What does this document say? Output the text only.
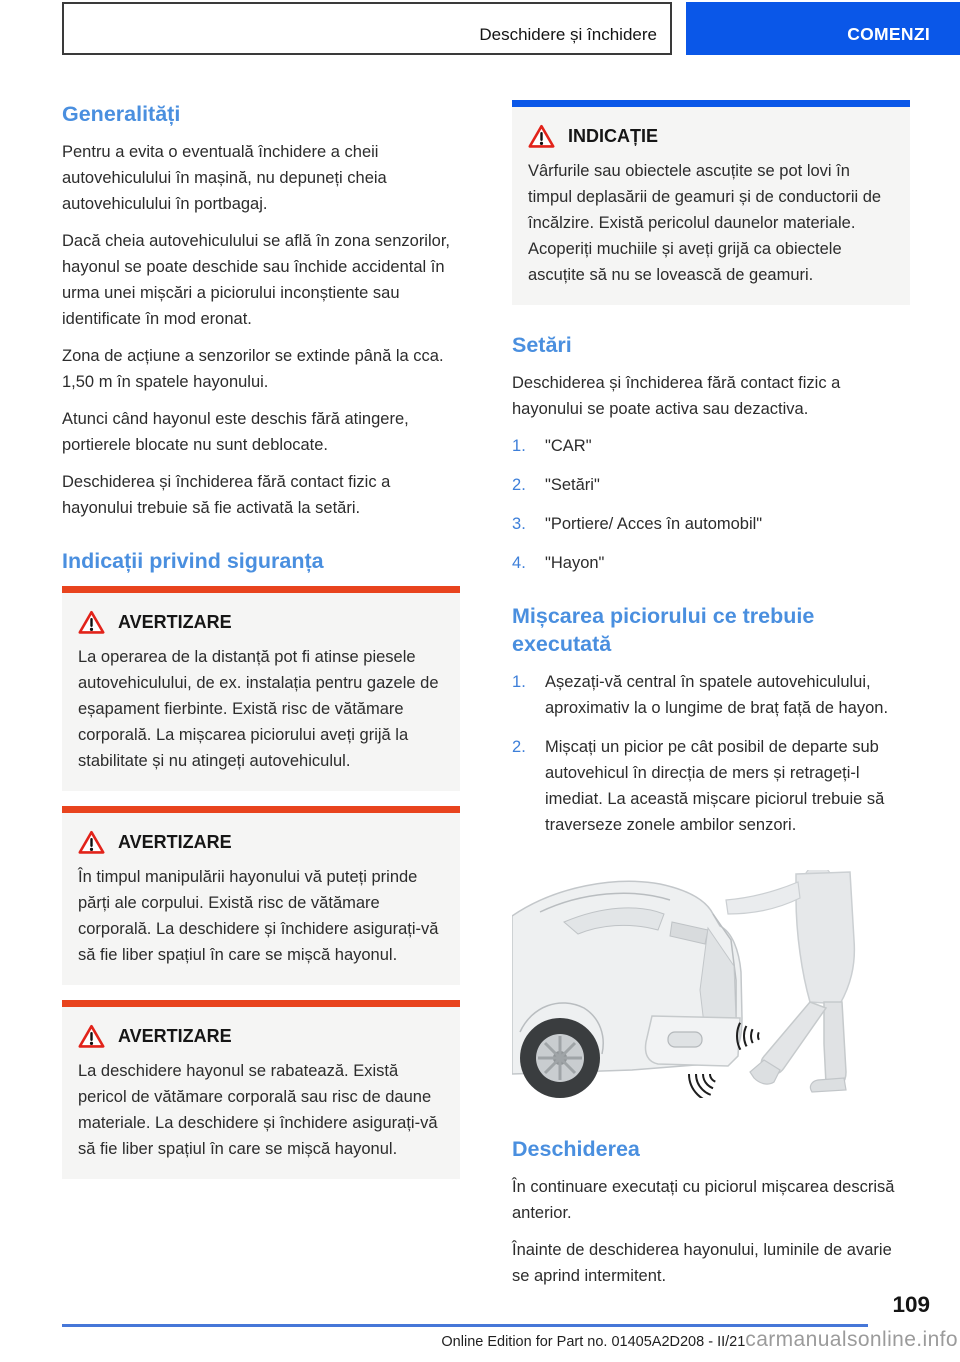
Deschidere și închidere	COMENZI
Generalități

Pentru a evita o eventuală închidere a cheii autovehiculului în mașină, nu depuneți cheia autovehiculului în portbagaj.

Dacă cheia autovehiculului se află în zona senzorilor, hayonul se poate deschide sau închide accidental în urma unei mișcări a piciorului inconștiente sau identificate în mod eronat.

Zona de acțiune a senzorilor se extinde până la cca. 1,50 m în spatele hayonului.

Atunci când hayonul este deschis fără atingere, portierele blocate nu sunt deblocate.

Deschiderea și închiderea fără contact fizic a hayonului trebuie să fie activată la setări.

Indicații privind siguranța
AVERTIZARE
La operarea de la distanță pot fi atinse piesele autovehiculului, de ex. instalația pentru gazele de eșapament fierbinte. Există risc de vătămare corporală. La mișcarea piciorului aveți grijă la stabilitate și nu atingeți autovehiculul.
AVERTIZARE
În timpul manipulării hayonului vă puteți prinde părți ale corpului. Există risc de vătămare corporală. La deschidere și închidere asigurați-vă să fie liber spațiul în care se mișcă hayonul.
AVERTIZARE
La deschidere hayonul se rabatează. Există pericol de vătămare corporală sau risc de daune materiale. La deschidere și închidere asigurați-vă să fie liber spațiul în care se mișcă hayonul.
INDICAȚIE
Vârfurile sau obiectele ascuțite se pot lovi în timpul deplasării de geamuri și de conductorii de încălzire. Există pericolul daunelor materiale. Acoperiți muchiile și aveți grijă ca obiectele ascuțite să nu se lovească de geamuri.
Setări

Deschiderea și închiderea fără contact fizic a hayonului se poate activa sau dezactiva.

"CAR"
"Setări"
"Portiere/ Acces în automobil"
"Hayon"
Mișcarea piciorului ce trebuie executată
Așezați-vă central în spatele autovehiculului, aproximativ la o lungime de braț față de hayon.
Mișcați un picior pe cât posibil de departe sub autovehicul în direcția de mers și retrageți-l imediat. La această mișcare piciorul trebuie să traverseze zonele ambilor senzori.
Deschiderea

În continuare executați cu piciorul mișcarea descrisă anterior.

Înainte de deschiderea hayonului, luminile de avarie se aprind intermitent.

109
Online Edition for Part no. 01405A2D208 - II/21 carmanualsonline.info
